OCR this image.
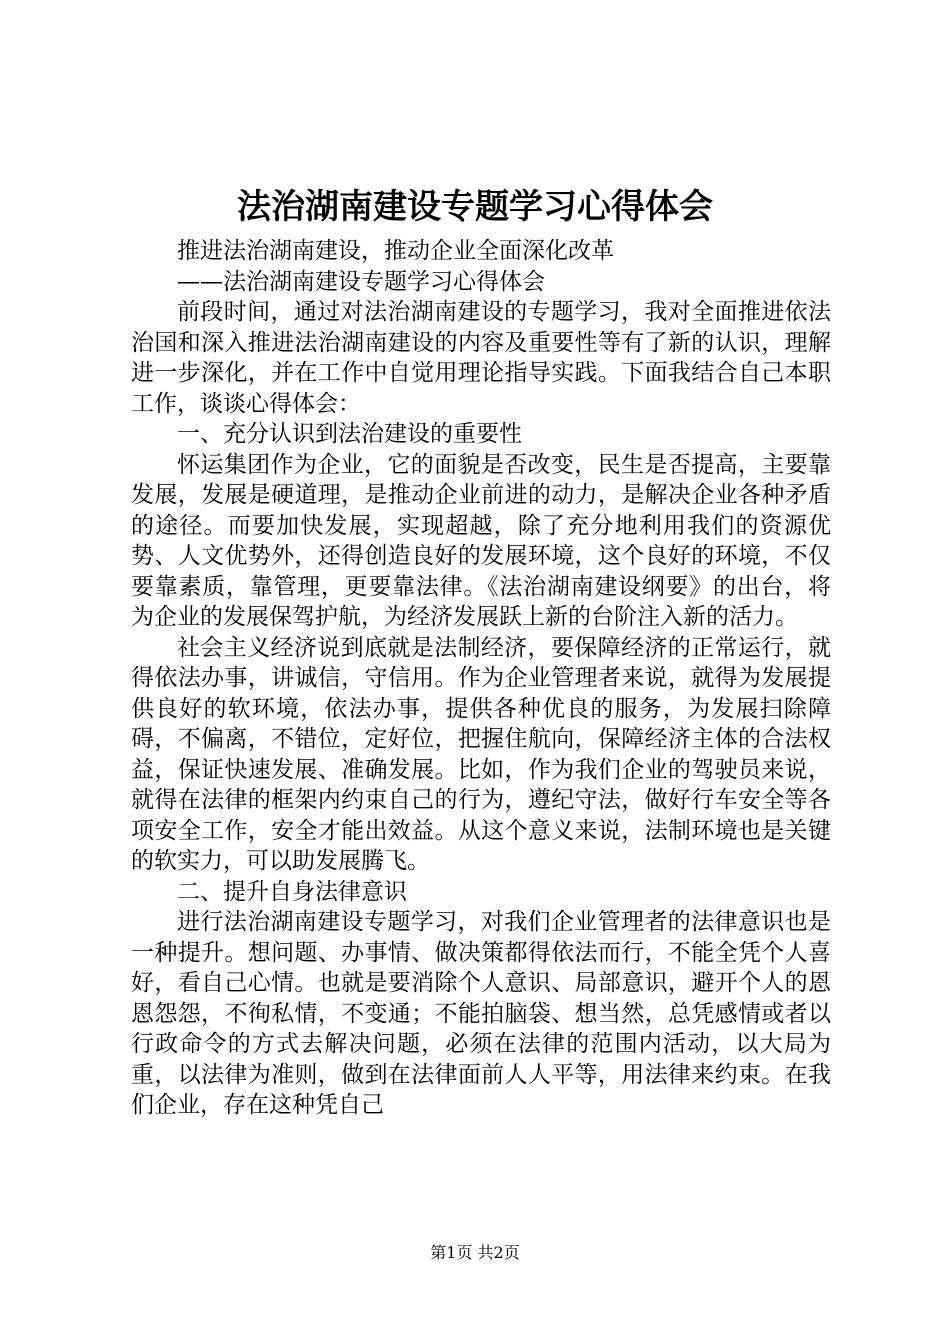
法治湖南建设专题学习心得体会

推进法治湖南建设，推动企业全面深化改革

——法治湖南建设专题学习心得体会

前段时间，通过对法治湖南建设的专题学习，我对全面推进依法治国和深入推进法治湖南建设的内容及重要性等有了新的认识，理解进一步深化，并在工作中自觉用理论指导实践。下面我结合自己本职工作，谈谈心得体会：

一、充分认识到法治建设的重要性

怀运集团作为企业，它的面貌是否改变，民生是否提高，主要靠发展，发展是硬道理，是推动企业前进的动力，是解决企业各种矛盾的途径。而要加快发展，实现超越，除了充分地利用我们的资源优势、人文优势外，还得创造良好的发展环境，这个良好的环境，不仅要靠素质，靠管理，更要靠法律。《法治湖南建设纲要》的出台，将为企业的发展保驾护航，为经济发展跃上新的台阶注入新的活力。

社会主义经济说到底就是法制经济，要保障经济的正常运行，就得依法办事，讲诚信，守信用。作为企业管理者来说，就得为发展提供良好的软环境，依法办事，提供各种优良的服务，为发展扫除障碍，不偏离，不错位，定好位，把握住航向，保障经济主体的合法权益，保证快速发展、准确发展。比如，作为我们企业的驾驶员来说，就得在法律的框架内约束自己的行为，遵纪守法，做好行车安全等各项安全工作，安全才能出效益。从这个意义来说，法制环境也是关键的软实力，可以助发展腾飞。

二、提升自身法律意识

进行法治湖南建设专题学习，对我们企业管理者的法律意识也是一种提升。想问题、办事情、做决策都得依法而行，不能全凭个人喜好，看自己心情。也就是要消除个人意识、局部意识，避开个人的恩恩怨怨，不徇私情，不变通；不能拍脑袋、想当然，总凭感情或者以行政命令的方式去解决问题，必须在法律的范围内活动，以大局为重，以法律为准则，做到在法律面前人人平等，用法律来约束。在我们企业，存在这种凭自己

第1页 共2页
